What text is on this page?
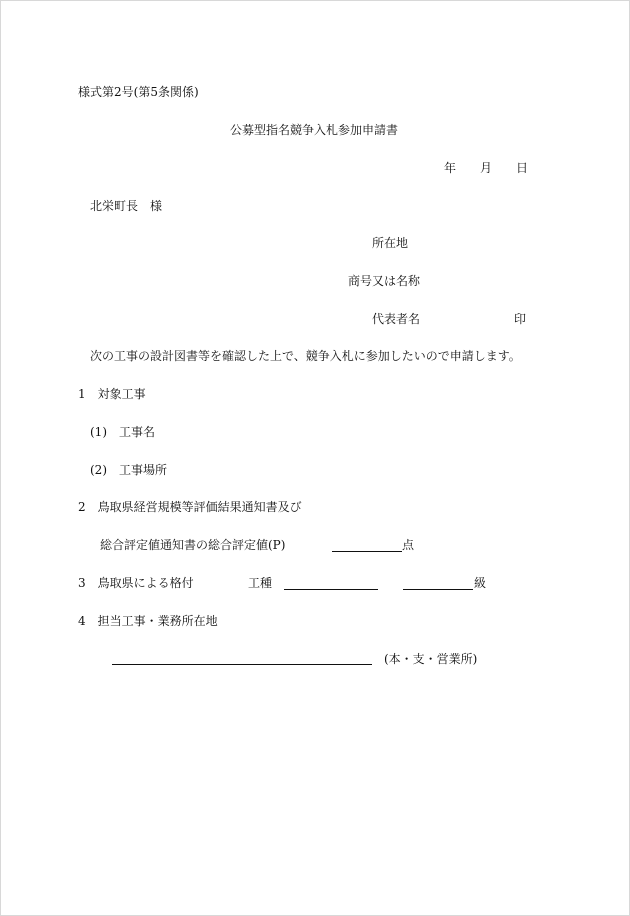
様式第2号(第5条関係)
公募型指名競争入札参加申請書
年 月 日
北栄町長　様
所在地
商号又は名称
代表者名	印
次の工事の設計図書等を確認した上で、競争入札に参加したいので申請します。
1　対象工事
(1)　工事名
(2)　工事場所
2　鳥取県経営規模等評価結果通知書及び
総合評定値通知書の総合評定値(P)	点
3　鳥取県による格付	工種	級
4　担当工事・業務所在地
(本・支・営業所)
